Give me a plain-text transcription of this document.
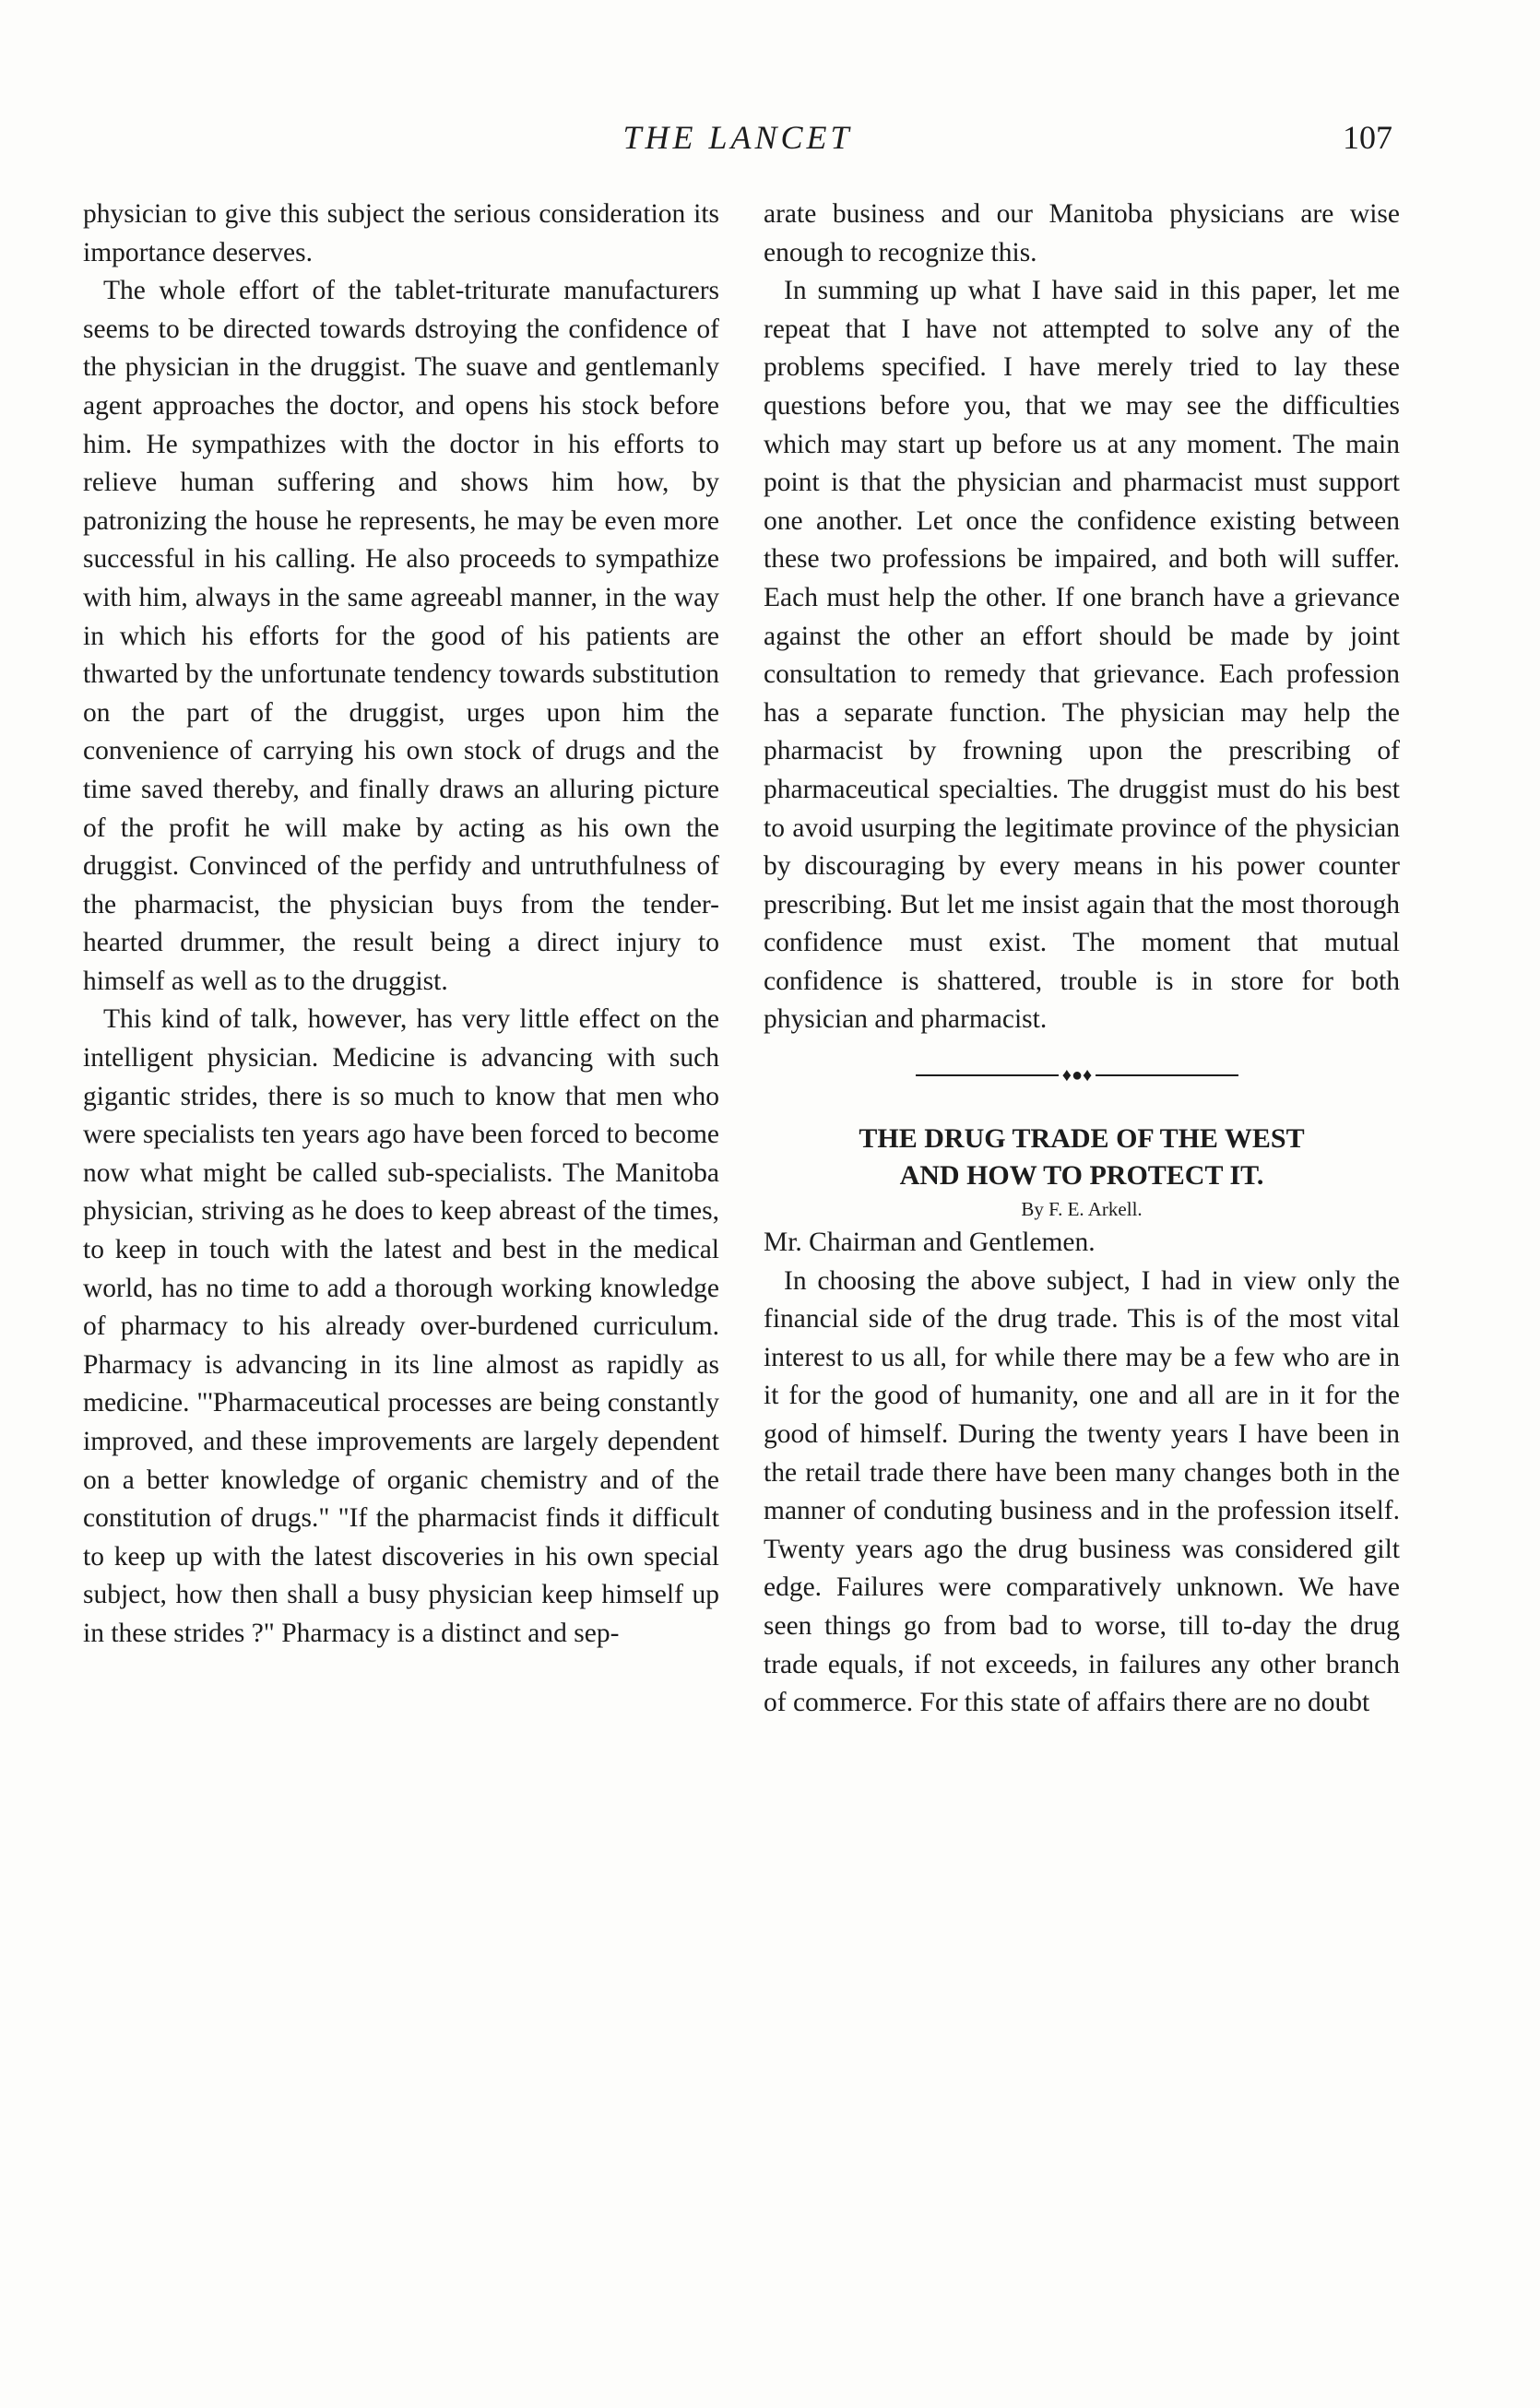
THE LANCET	107

physician to give this subject the serious consideration its importance deserves.

The whole effort of the tablet-triturate manufacturers seems to be directed towards dstroying the confidence of the physician in the druggist. The suave and gentlemanly agent approaches the doctor, and opens his stock before him. He sympathizes with the doctor in his efforts to relieve human suffering and shows him how, by patronizing the house he represents, he may be even more successful in his calling. He also proceeds to sympathize with him, always in the same agreeabl manner, in the way in which his efforts for the good of his patients are thwarted by the unfortunate tendency towards substitution on the part of the druggist, urges upon him the convenience of carrying his own stock of drugs and the time saved thereby, and finally draws an alluring picture of the profit he will make by acting as his own the druggist. Convinced of the perfidy and untruthfulness of the pharmacist, the physician buys from the tender-hearted drummer, the result being a direct injury to himself as well as to the druggist.

This kind of talk, however, has very little effect on the intelligent physician. Medicine is advancing with such gigantic strides, there is so much to know that men who were specialists ten years ago have been forced to become now what might be called sub-specialists. The Manitoba physician, striving as he does to keep abreast of the times, to keep in touch with the latest and best in the medical world, has no time to add a thorough working knowledge of pharmacy to his already over-burdened curriculum. Pharmacy is advancing in its line almost as rapidly as medicine. "'Pharmaceutical processes are being constantly improved, and these improvements are largely dependent on a better knowledge of organic chemistry and of the constitution of drugs." "If the pharmacist finds it difficult to keep up with the latest discoveries in his own special subject, how then shall a busy physician keep himself up in these strides ?" Pharmacy is a distinct and sep-

arate business and our Manitoba physicians are wise enough to recognize this.

In summing up what I have said in this paper, let me repeat that I have not attempted to solve any of the problems specified. I have merely tried to lay these questions before you, that we may see the difficulties which may start up before us at any moment. The main point is that the physician and pharmacist must support one another. Let once the confidence existing between these two professions be impaired, and both will suffer. Each must help the other. If one branch have a grievance against the other an effort should be made by joint consultation to remedy that grievance. Each profession has a separate function. The physician may help the pharmacist by frowning upon the prescribing of pharmaceutical specialties. The druggist must do his best to avoid usurping the legitimate province of the physician by discouraging by every means in his power counter prescribing. But let me insist again that the most thorough confidence must exist. The moment that mutual confidence is shattered, trouble is in store for both physician and pharmacist.

♦●♦

THE DRUG TRADE OF THE WEST
AND HOW TO PROTECT IT.

By F. E. Arkell.

Mr. Chairman and Gentlemen.

In choosing the above subject, I had in view only the financial side of the drug trade. This is of the most vital interest to us all, for while there may be a few who are in it for the good of humanity, one and all are in it for the good of himself. During the twenty years I have been in the retail trade there have been many changes both in the manner of conduting business and in the profession itself. Twenty years ago the drug business was considered gilt edge. Failures were comparatively unknown. We have seen things go from bad to worse, till to-day the drug trade equals, if not exceeds, in failures any other branch of commerce. For this state of affairs there are no doubt
